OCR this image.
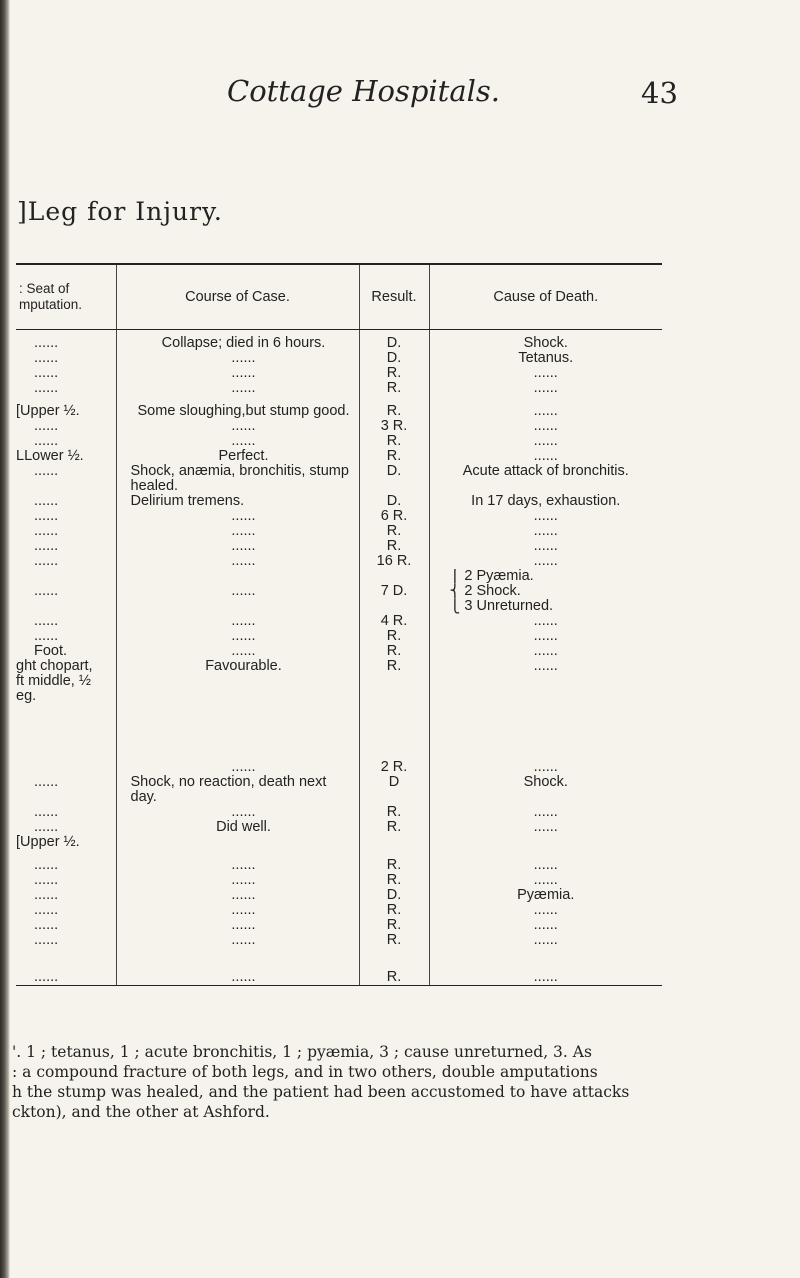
Cottage Hospitals.	43
]Leg for Injury.
: Seat of
mputation.	Course of Case.	Result.	Cause of Death.
......	Collapse; died in 6 hours.	D.	Shock.
......	......	D.	Tetanus.
......	......	R.	......
......	......	R.	......

[Upper ½.	Some sloughing,but stump good.	R.	......
......	......	3 R.	......
......	......	R.	......
LLower ½.	Perfect.	R.	......
......	Shock, anæmia, bronchitis, stump healed.	D.	Acute attack of bronchitis.
......	Delirium tremens.	D.	In 17 days, exhaustion.
......	......	6 R.	......
......	......	R.	......
......	......	R.	......
......	......	16 R.	......
			⎧ 2 Pyæmia.
......	......	7 D.	⎨ 2 Shock.
			⎩ 3 Unreturned.
......	......	4 R.	......
......	......	R.	......
Foot.	......	R.	......
ght chopart,	Favourable.	R.	......
ft middle, ½			
eg.			

	......	2 R.	......
......	Shock, no reaction, death next day.	D	Shock.
......	......	R.	......
......	Did well.	R.	......
[Upper ½.			

......	......	R.	......
......	......	R.	......
......	......	D.	Pyæmia.
......	......	R.	......
......	......	R.	......
......	......	R.	......

......	......	R.	......

'. 1 ; tetanus, 1 ; acute bronchitis, 1 ; pyæmia, 3 ; cause unreturned, 3. As

: a compound fracture of both legs, and in two others, double amputations

h the stump was healed, and the patient had been accustomed to have attacks

ckton), and the other at Ashford.
